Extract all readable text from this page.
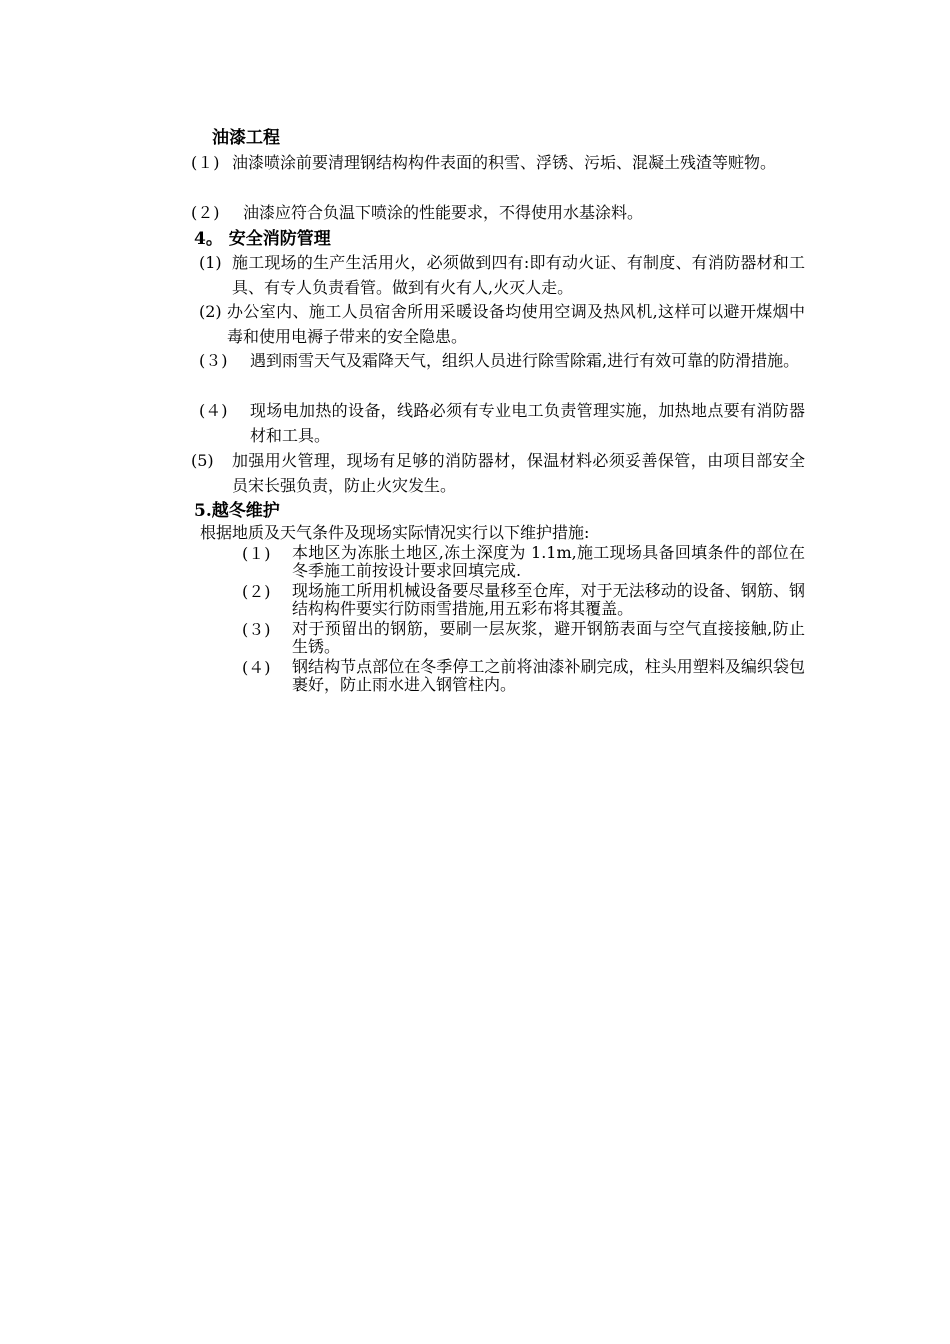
油漆工程
(１) 油漆喷涂前要清理钢结构构件表面的积雪、浮锈、污垢、混凝土残渣等赃物。
(２) 油漆应符合负温下喷涂的性能要求，不得使用水基涂料。
4。 安全消防管理
(1) 施工现场的生产生活用火，必须做到四有:即有动火证、有制度、有消防器材和工具、有专人负责看管。做到有火有人,火灭人走。
(2) 办公室内、施工人员宿舍所用采暖设备均使用空调及热风机,这样可以避开煤烟中毒和使用电褥子带来的安全隐患。
(３) 遇到雨雪天气及霜降天气，组织人员进行除雪除霜,进行有效可靠的防滑措施。
(４) 现场电加热的设备，线路必须有专业电工负责管理实施，加热地点要有消防器材和工具。
(5) 加强用火管理，现场有足够的消防器材，保温材料必须妥善保管，由项目部安全员宋长强负责，防止火灾发生。
5.越冬维护
根据地质及天气条件及现场实际情况实行以下维护措施:
(１) 本地区为冻胀土地区,冻土深度为 1.1m,施工现场具备回填条件的部位在冬季施工前按设计要求回填完成.
(２) 现场施工所用机械设备要尽量移至仓库，对于无法移动的设备、钢筋、钢结构构件要实行防雨雪措施,用五彩布将其覆盖。
(３) 对于预留出的钢筋，要刷一层灰浆，避开钢筋表面与空气直接接触,防止生锈。
(４) 钢结构节点部位在冬季停工之前将油漆补刷完成，柱头用塑料及编织袋包裹好，防止雨水进入钢管柱内。
